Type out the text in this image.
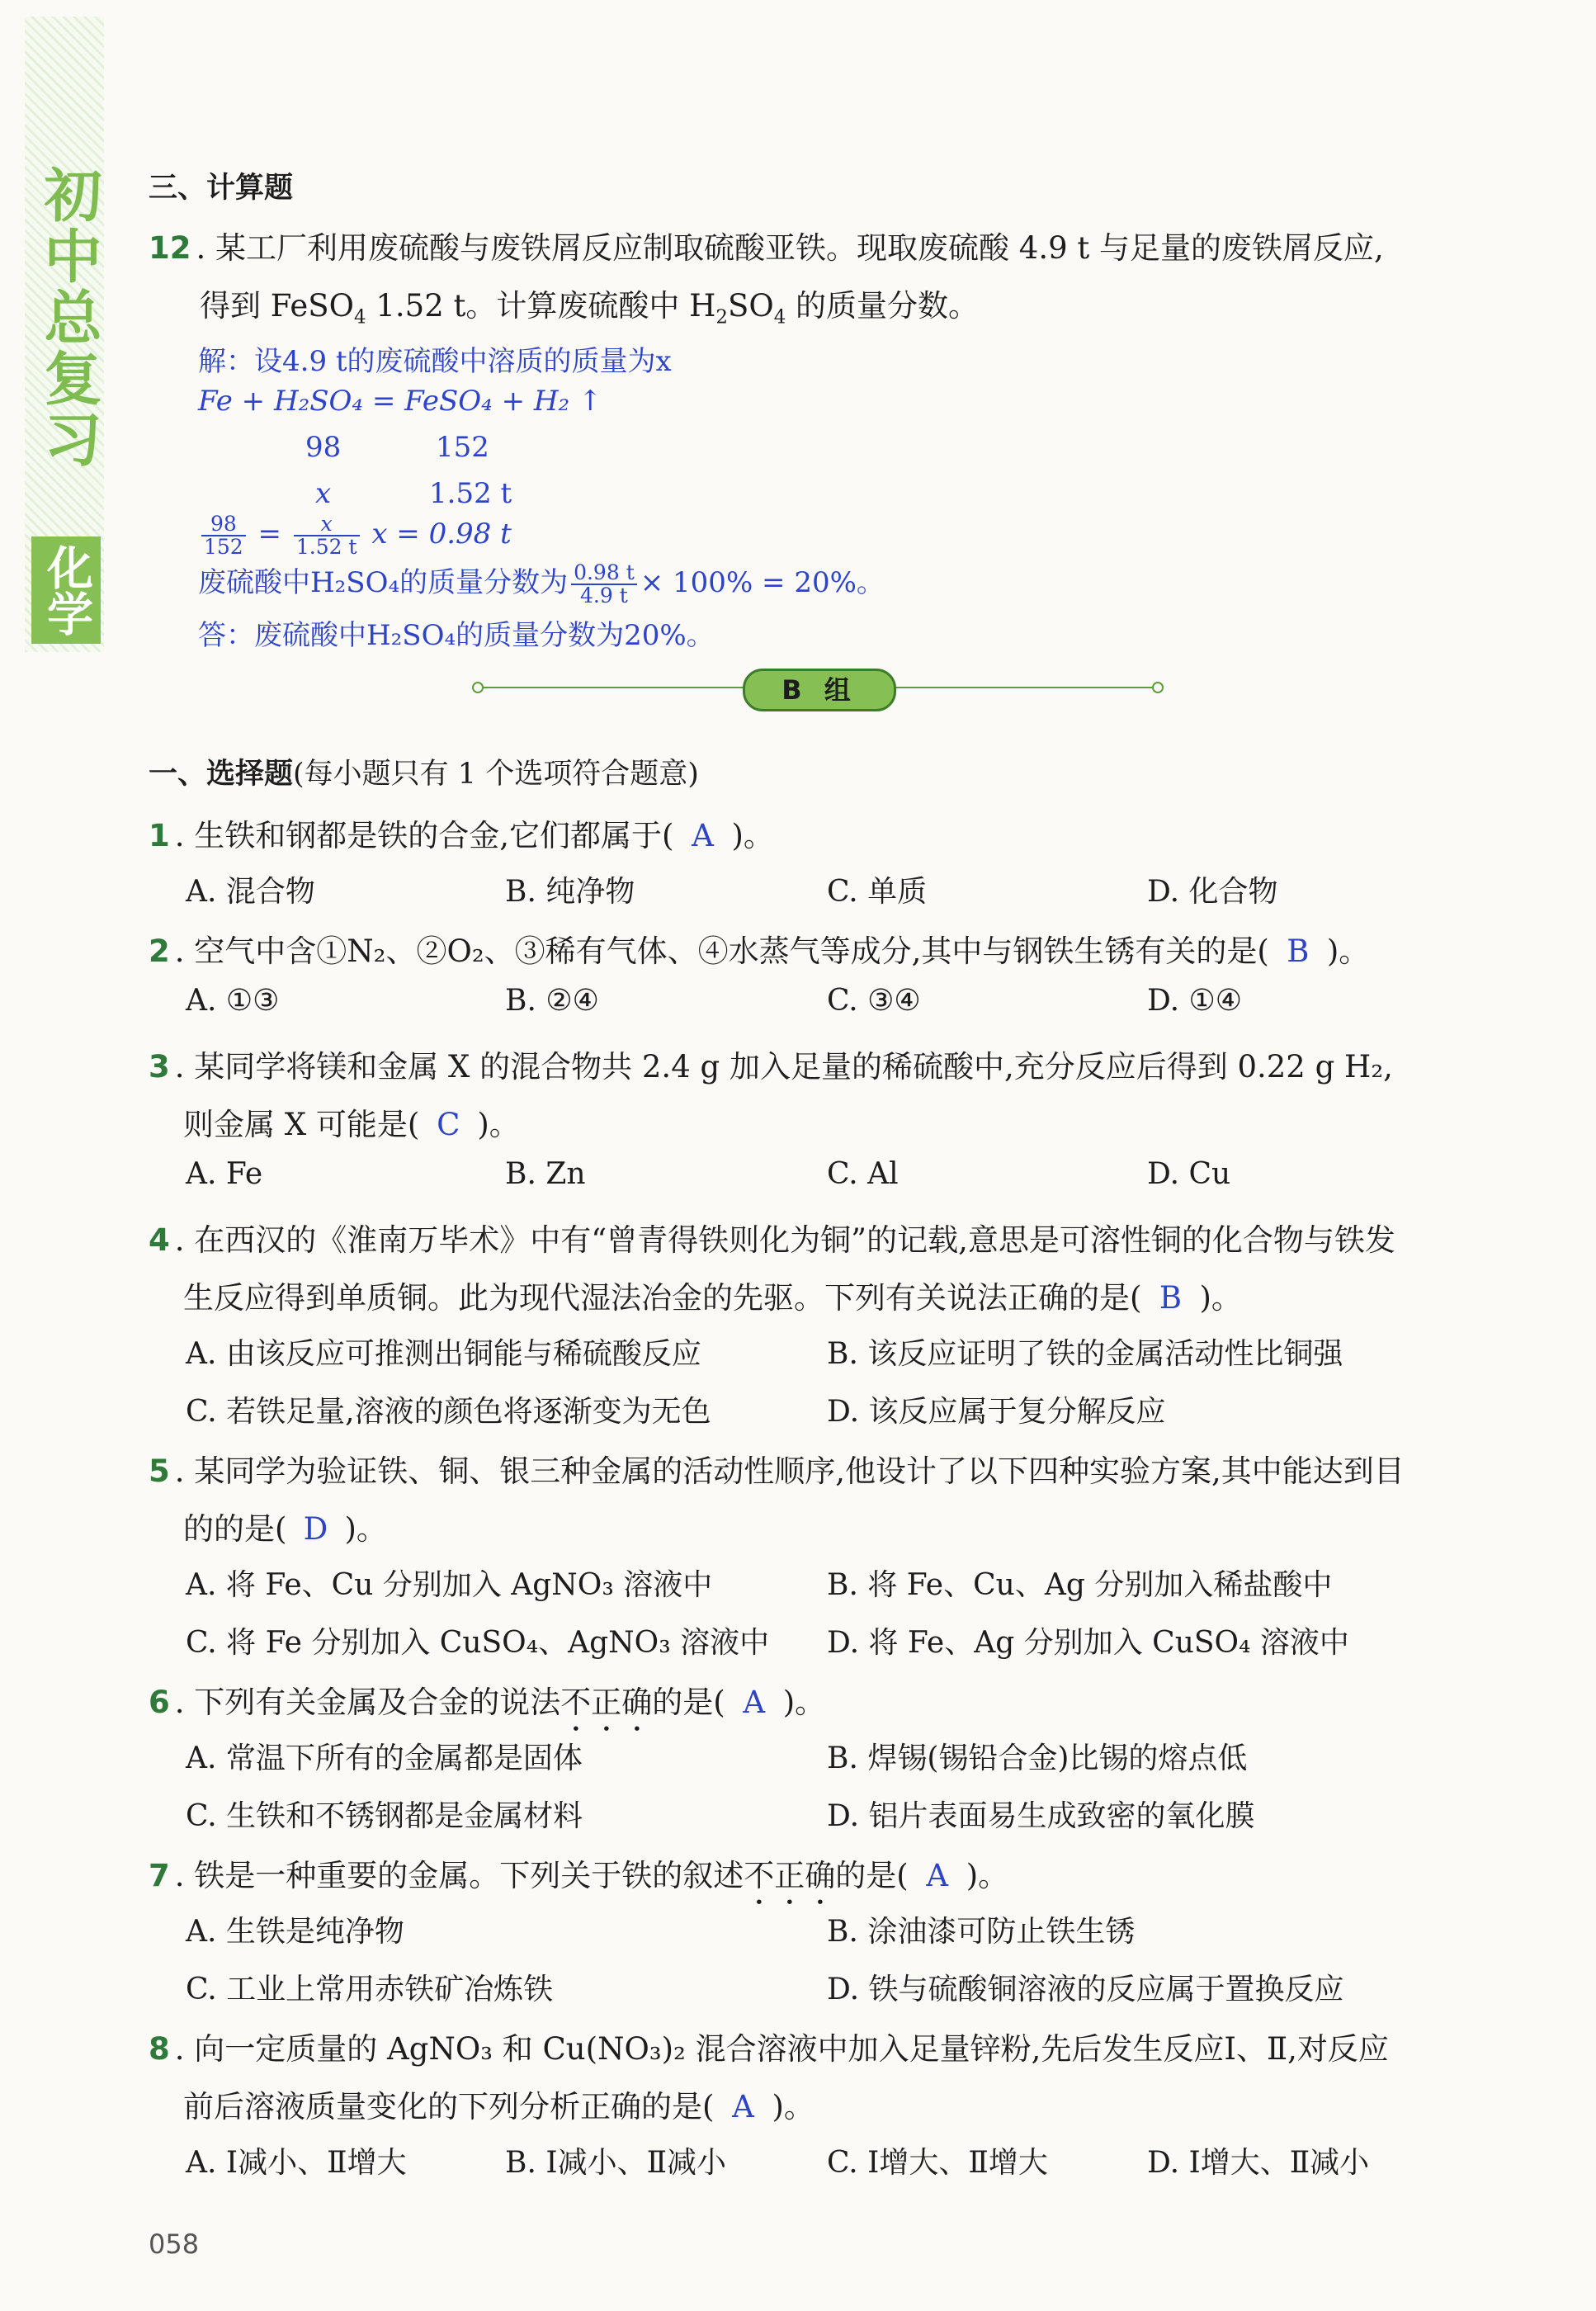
初中总复习
化学
三、计算题
12 . 某工厂利用废硫酸与废铁屑反应制取硫酸亚铁。现取废硫酸 4.9 t 与足量的废铁屑反应,
得到 FeSO$_4$ 1.52 t。计算废硫酸中 $H_2SO_4$ 的质量分数。
解：设4.9 t的废硫酸中溶质的质量为x
Fe + H₂SO₄ = FeSO₄ + H₂ ↑
98	152
x	1.52 t
$\frac{98}{152} = \frac{x}{1.52 t}$ x = 0.98 t
废硫酸中H₂SO₄的质量分数为 $\frac{0.98 t}{4.9 t} \times 100\% = 20\%$。
答：废硫酸中H₂SO₄的质量分数为20%。
B 组
一、选择题(每小题只有 1 个选项符合题意)
1 . 生铁和钢都是铁的合金,它们都属于( A )。
A. 混合物	B. 纯净物	C. 单质	D. 化合物
2 . 空气中含①N₂、②O₂、③稀有气体、④水蒸气等成分,其中与钢铁生锈有关的是( B )。
A. ①③	B. ②④	C. ③④	D. ①④
3 . 某同学将镁和金属 X 的混合物共 2.4 g 加入足量的稀硫酸中,充分反应后得到 0.22 g H₂,
则金属 X 可能是( C )。
A. Fe	B. Zn	C. Al	D. Cu
4 . 在西汉的《淮南万毕术》中有“曾青得铁则化为铜”的记载,意思是可溶性铜的化合物与铁发
生反应得到单质铜。此为现代湿法冶金的先驱。下列有关说法正确的是( B )。
A. 由该反应可推测出铜能与稀硫酸反应	B. 该反应证明了铁的金属活动性比铜强
C. 若铁足量,溶液的颜色将逐渐变为无色	D. 该反应属于复分解反应
5 . 某同学为验证铁、铜、银三种金属的活动性顺序,他设计了以下四种实验方案,其中能达到目
的的是( D )。
A. 将 Fe、Cu 分别加入 AgNO₃ 溶液中	B. 将 Fe、Cu、Ag 分别加入稀盐酸中
C. 将 Fe 分别加入 CuSO₄、AgNO₃ 溶液中 D. 将 Fe、Ag 分别加入 CuSO₄ 溶液中
6 . 下列有关金属及合金的说法不正确的是( A )。
A. 常温下所有的金属都是固体	B. 焊锡(锡铅合金)比锡的熔点低
C. 生铁和不锈钢都是金属材料	D. 铝片表面易生成致密的氧化膜
7 . 铁是一种重要的金属。下列关于铁的叙述不正确的是( A )。
A. 生铁是纯净物	B. 涂油漆可防止铁生锈
C. 工业上常用赤铁矿冶炼铁	D. 铁与硫酸铜溶液的反应属于置换反应
8 . 向一定质量的 AgNO₃ 和 Cu(NO₃)₂ 混合溶液中加入足量锌粉,先后发生反应Ⅰ、Ⅱ,对反应
前后溶液质量变化的下列分析正确的是( A )。
A. Ⅰ减小、Ⅱ增大	B. Ⅰ减小、Ⅱ减小	C. Ⅰ增大、Ⅱ增大	D. Ⅰ增大、Ⅱ减小
058
